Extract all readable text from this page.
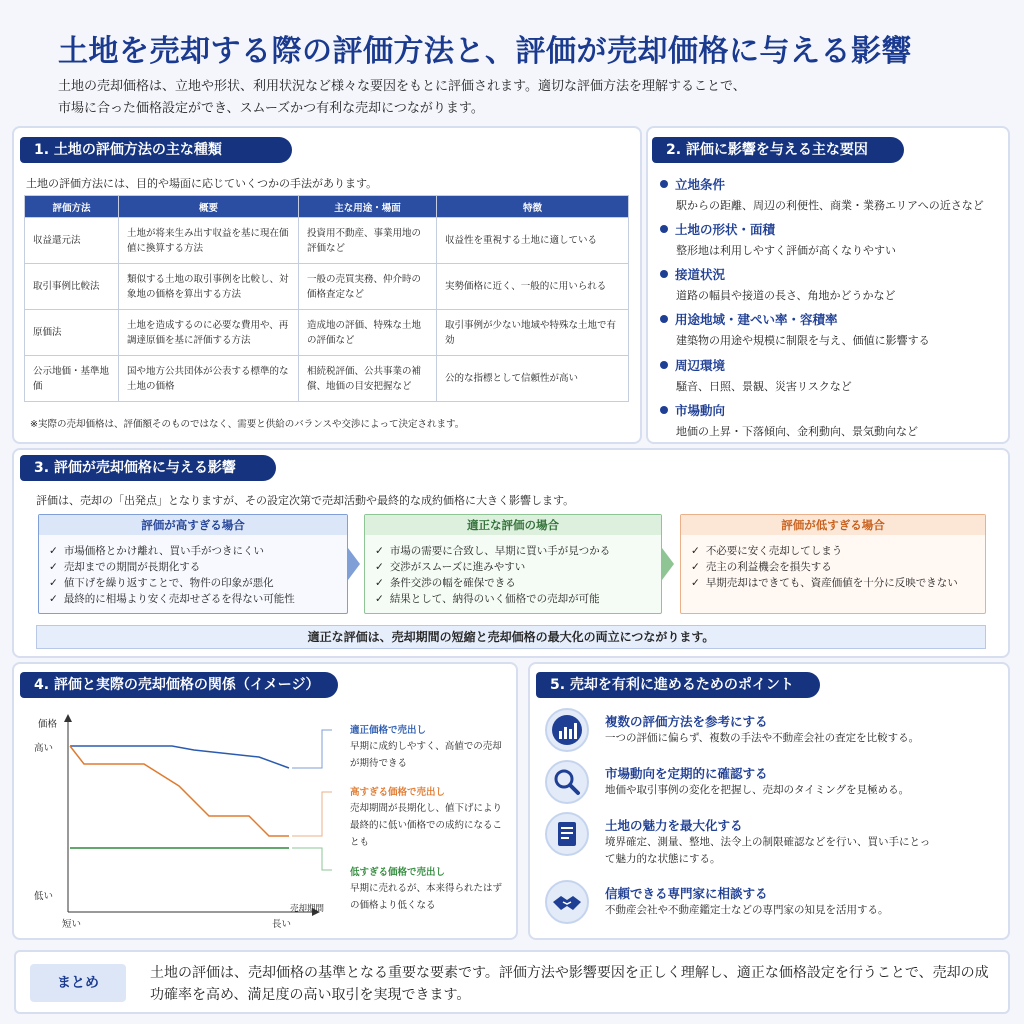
土地を売却する際の評価方法と、評価が売却価格に与える影響
土地の売却価格は、立地や形状、利用状況など様々な要因をもとに評価されます。適切な評価方法を理解することで、
市場に合った価格設定ができ、スムーズかつ有利な売却につながります。
1. 土地の評価方法の主な種類
土地の評価方法には、目的や場面に応じていくつかの手法があります。
評価方法	概要	主な用途・場面	特徴
収益還元法	土地が将来生み出す収益を基に現在価値に換算する方法	投資用不動産、事業用地の評価など	収益性を重視する土地に適している
取引事例比較法	類似する土地の取引事例を比較し、対象地の価格を算出する方法	一般の売買実務、仲介時の価格査定など	実勢価格に近く、一般的に用いられる
原価法	土地を造成するのに必要な費用や、再調達原価を基に評価する方法	造成地の評価、特殊な土地の評価など	取引事例が少ない地域や特殊な土地で有効
公示地価・基準地価	国や地方公共団体が公表する標準的な土地の価格	相続税評価、公共事業の補償、地価の目安把握など	公的な指標として信頼性が高い
※実際の売却価格は、評価額そのものではなく、需要と供給のバランスや交渉によって決定されます。
2. 評価に影響を与える主な要因
立地条件
駅からの距離、周辺の利便性、商業・業務エリアへの近さなど
土地の形状・面積
整形地は利用しやすく評価が高くなりやすい
接道状況
道路の幅員や接道の長さ、角地かどうかなど
用途地域・建ぺい率・容積率
建築物の用途や規模に制限を与え、価値に影響する
周辺環境
騒音、日照、景観、災害リスクなど
市場動向
地価の上昇・下落傾向、金利動向、景気動向など
3. 評価が売却価格に与える影響
評価は、売却の「出発点」となりますが、その設定次第で売却活動や最終的な成約価格に大きく影響します。
評価が高すぎる場合
✓ 市場価格とかけ離れ、買い手がつきにくい
✓ 売却までの期間が長期化する
✓ 値下げを繰り返すことで、物件の印象が悪化
✓ 最終的に相場より安く売却せざるを得ない可能性
適正な評価の場合
✓ 市場の需要に合致し、早期に買い手が見つかる
✓ 交渉がスムーズに進みやすい
✓ 条件交渉の幅を確保できる
✓ 結果として、納得のいく価格での売却が可能
評価が低すぎる場合
✓ 不必要に安く売却してしまう
✓ 売主の利益機会を損失する
✓ 早期売却はできても、資産価値を十分に反映できない
適正な評価は、売却期間の短縮と売却価格の最大化の両立につながります。
4. 評価と実際の売却価格の関係（イメージ）
価格
高い
低い
売却期間
短い	長い
適正価格で売出し
早期に成約しやすく、高値での売却が期待できる
高すぎる価格で売出し
売却期間が長期化し、値下げにより最終的に低い価格での成約になることも
低すぎる価格で売出し
早期に売れるが、本来得られたはずの価格より低くなる
5. 売却を有利に進めるためのポイント
複数の評価方法を参考にする
一つの評価に偏らず、複数の手法や不動産会社の査定を比較する。
市場動向を定期的に確認する
地価や取引事例の変化を把握し、売却のタイミングを見極める。
土地の魅力を最大化する
境界確定、測量、整地、法令上の制限確認などを行い、買い手にとって魅力的な状態にする。
信頼できる専門家に相談する
不動産会社や不動産鑑定士などの専門家の知見を活用する。
まとめ
土地の評価は、売却価格の基準となる重要な要素です。評価方法や影響要因を正しく理解し、適正な価格設定を行うことで、売却の成功確率を高め、満足度の高い取引を実現できます。
